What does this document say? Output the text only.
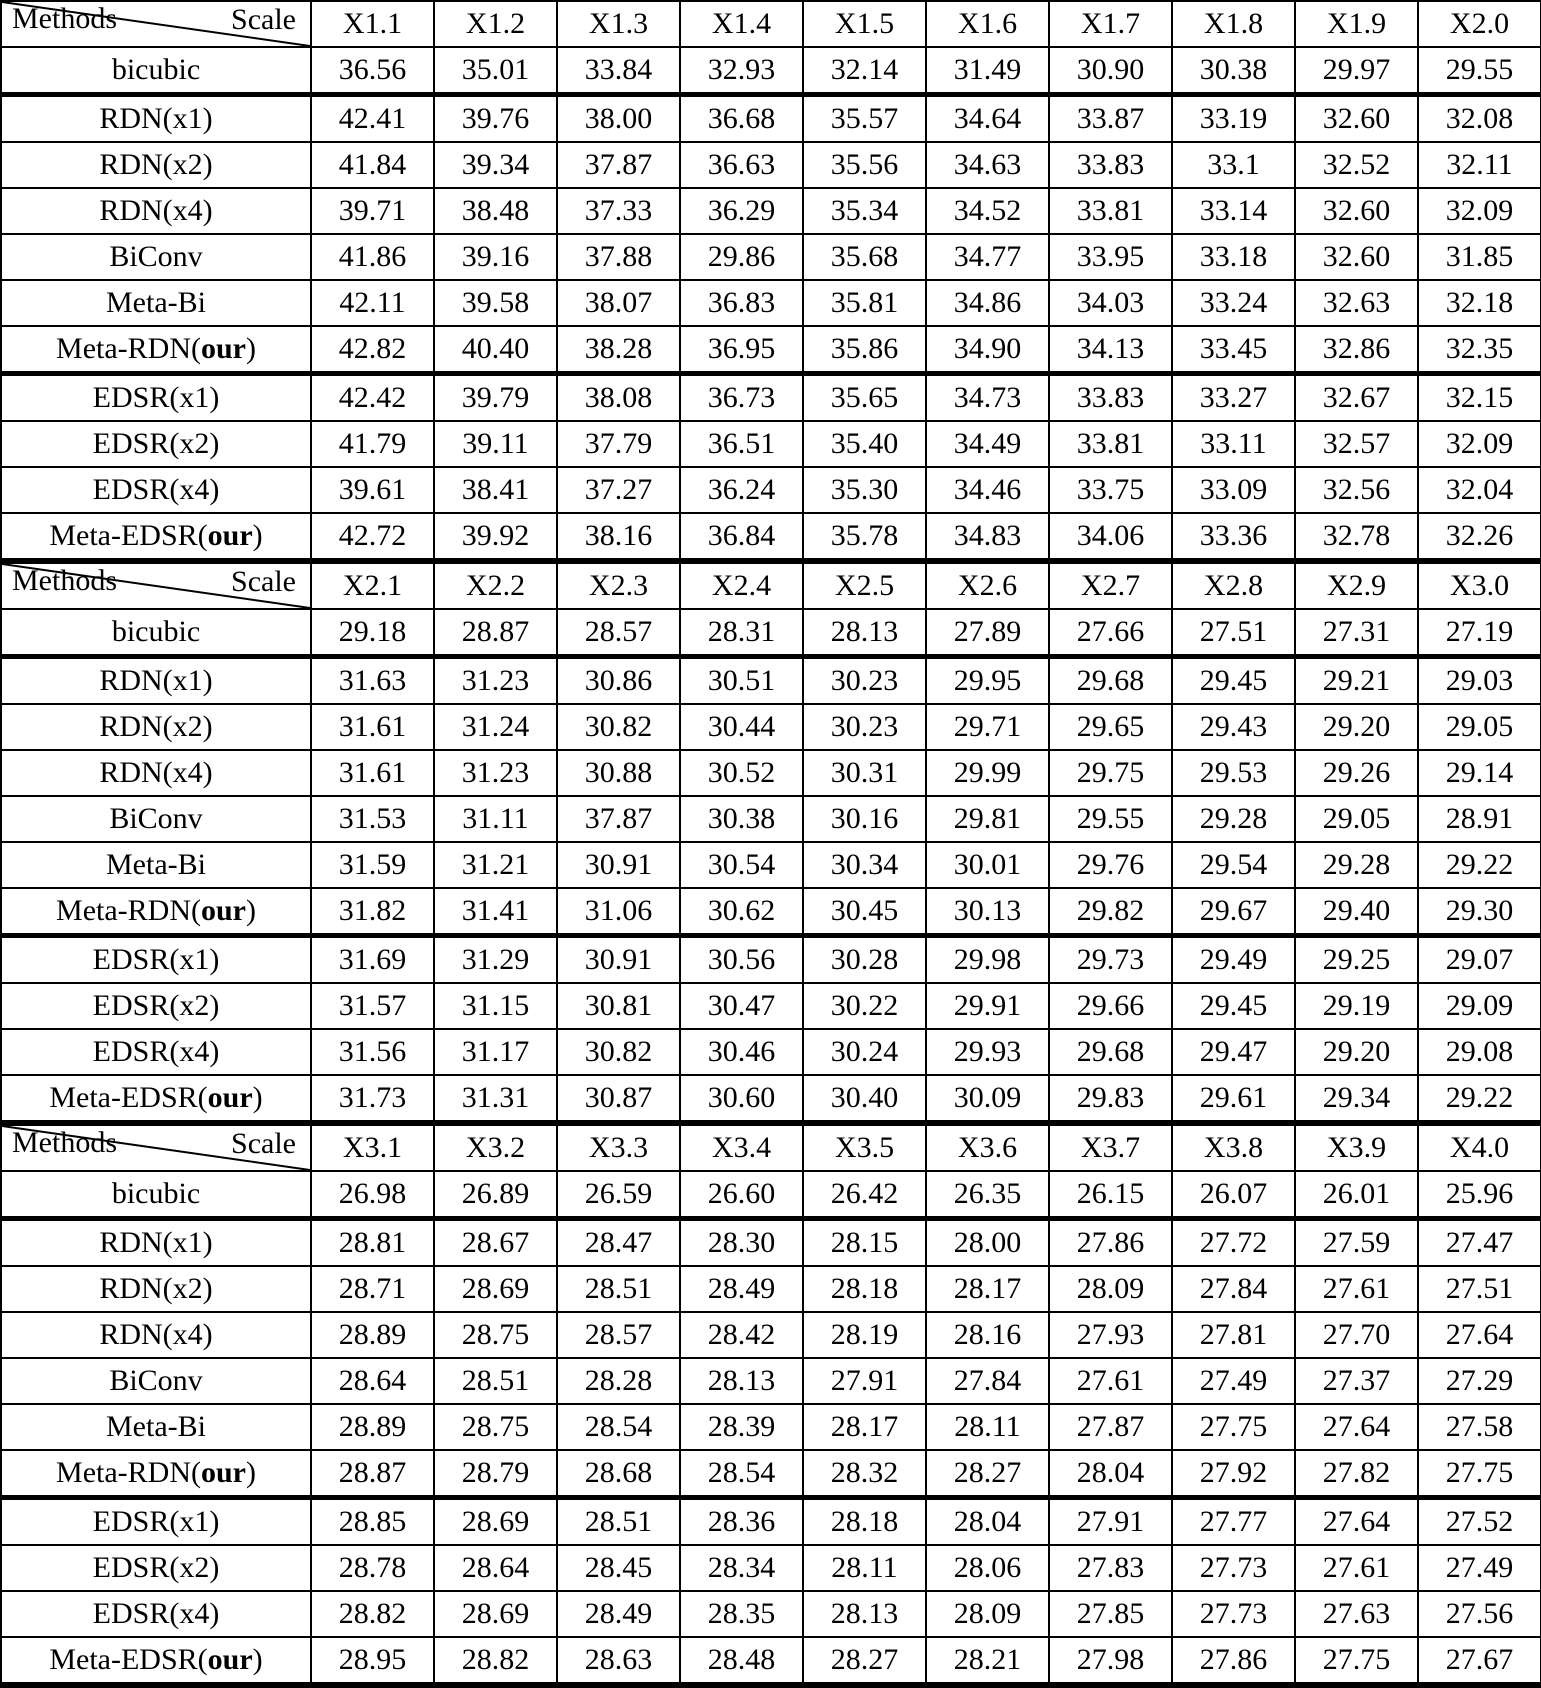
Scale
Methods	X1.1	X1.2	X1.3	X1.4	X1.5	X1.6	X1.7	X1.8	X1.9	X2.0
bicubic	36.56	35.01	33.84	32.93	32.14	31.49	30.90	30.38	29.97	29.55
RDN(x1)	42.41	39.76	38.00	36.68	35.57	34.64	33.87	33.19	32.60	32.08
RDN(x2)	41.84	39.34	37.87	36.63	35.56	34.63	33.83	33.1	32.52	32.11
RDN(x4)	39.71	38.48	37.33	36.29	35.34	34.52	33.81	33.14	32.60	32.09
BiConv	41.86	39.16	37.88	29.86	35.68	34.77	33.95	33.18	32.60	31.85
Meta-Bi	42.11	39.58	38.07	36.83	35.81	34.86	34.03	33.24	32.63	32.18
Meta-RDN(our)	42.82	40.40	38.28	36.95	35.86	34.90	34.13	33.45	32.86	32.35
EDSR(x1)	42.42	39.79	38.08	36.73	35.65	34.73	33.83	33.27	32.67	32.15
EDSR(x2)	41.79	39.11	37.79	36.51	35.40	34.49	33.81	33.11	32.57	32.09
EDSR(x4)	39.61	38.41	37.27	36.24	35.30	34.46	33.75	33.09	32.56	32.04
Meta-EDSR(our)	42.72	39.92	38.16	36.84	35.78	34.83	34.06	33.36	32.78	32.26

Scale
Methods	X2.1	X2.2	X2.3	X2.4	X2.5	X2.6	X2.7	X2.8	X2.9	X3.0
bicubic	29.18	28.87	28.57	28.31	28.13	27.89	27.66	27.51	27.31	27.19
RDN(x1)	31.63	31.23	30.86	30.51	30.23	29.95	29.68	29.45	29.21	29.03
RDN(x2)	31.61	31.24	30.82	30.44	30.23	29.71	29.65	29.43	29.20	29.05
RDN(x4)	31.61	31.23	30.88	30.52	30.31	29.99	29.75	29.53	29.26	29.14
BiConv	31.53	31.11	37.87	30.38	30.16	29.81	29.55	29.28	29.05	28.91
Meta-Bi	31.59	31.21	30.91	30.54	30.34	30.01	29.76	29.54	29.28	29.22
Meta-RDN(our)	31.82	31.41	31.06	30.62	30.45	30.13	29.82	29.67	29.40	29.30
EDSR(x1)	31.69	31.29	30.91	30.56	30.28	29.98	29.73	29.49	29.25	29.07
EDSR(x2)	31.57	31.15	30.81	30.47	30.22	29.91	29.66	29.45	29.19	29.09
EDSR(x4)	31.56	31.17	30.82	30.46	30.24	29.93	29.68	29.47	29.20	29.08
Meta-EDSR(our)	31.73	31.31	30.87	30.60	30.40	30.09	29.83	29.61	29.34	29.22

Scale
Methods	X3.1	X3.2	X3.3	X3.4	X3.5	X3.6	X3.7	X3.8	X3.9	X4.0
bicubic	26.98	26.89	26.59	26.60	26.42	26.35	26.15	26.07	26.01	25.96
RDN(x1)	28.81	28.67	28.47	28.30	28.15	28.00	27.86	27.72	27.59	27.47
RDN(x2)	28.71	28.69	28.51	28.49	28.18	28.17	28.09	27.84	27.61	27.51
RDN(x4)	28.89	28.75	28.57	28.42	28.19	28.16	27.93	27.81	27.70	27.64
BiConv	28.64	28.51	28.28	28.13	27.91	27.84	27.61	27.49	27.37	27.29
Meta-Bi	28.89	28.75	28.54	28.39	28.17	28.11	27.87	27.75	27.64	27.58
Meta-RDN(our)	28.87	28.79	28.68	28.54	28.32	28.27	28.04	27.92	27.82	27.75
EDSR(x1)	28.85	28.69	28.51	28.36	28.18	28.04	27.91	27.77	27.64	27.52
EDSR(x2)	28.78	28.64	28.45	28.34	28.11	28.06	27.83	27.73	27.61	27.49
EDSR(x4)	28.82	28.69	28.49	28.35	28.13	28.09	27.85	27.73	27.63	27.56
Meta-EDSR(our)	28.95	28.82	28.63	28.48	28.27	28.21	27.98	27.86	27.75	27.67
